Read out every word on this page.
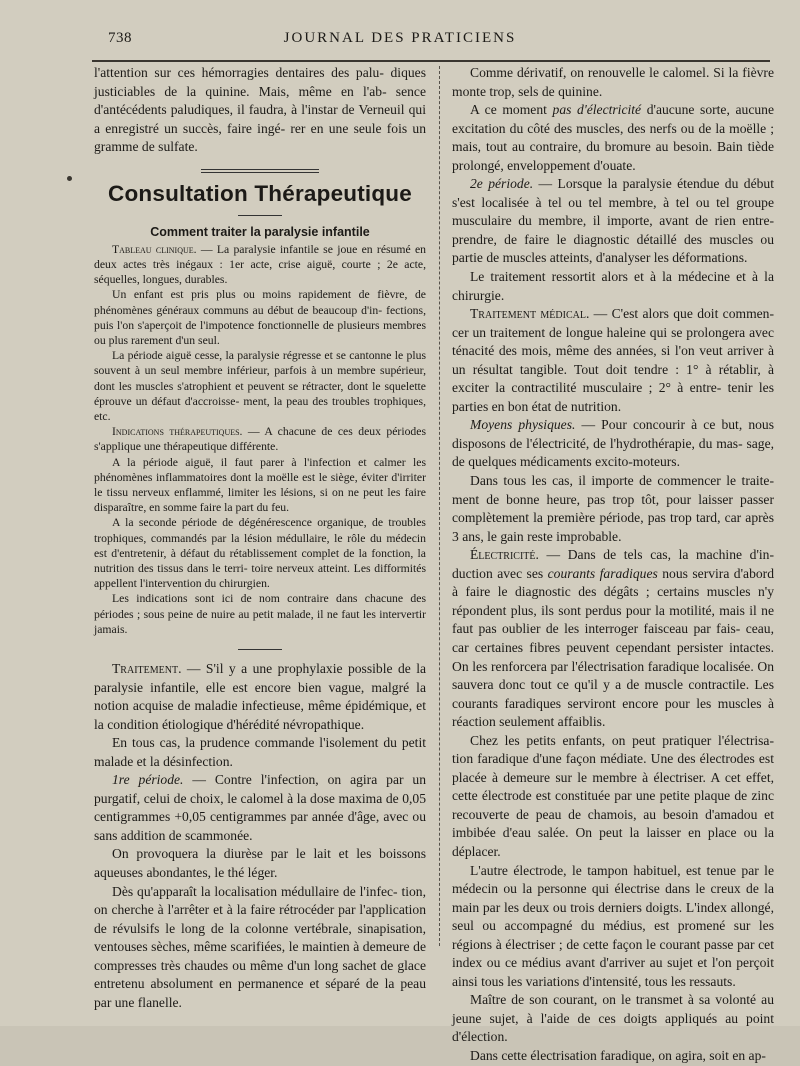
738	JOURNAL DES PRATICIENS

l'attention sur ces hémorragies dentaires des palu- diques justiciables de la quinine. Mais, même en l'ab- sence d'antécédents paludiques, il faudra, à l'instar de Verneuil qui a enregistré un succès, faire ingé- rer en une seule fois un gramme de sulfate.

Consultation Thérapeutique
Comment traiter la paralysie infantile

Tableau clinique. — La paralysie infantile se joue en résumé en deux actes très inégaux : 1er acte, crise aiguë, courte ; 2e acte, séquelles, longues, durables.

Un enfant est pris plus ou moins rapidement de fièvre, de phénomènes généraux communs au début de beaucoup d'in- fections, puis l'on s'aperçoit de l'impotence fonctionnelle de plusieurs membres ou plus rarement d'un seul.

La période aiguë cesse, la paralysie régresse et se cantonne le plus souvent à un seul membre inférieur, parfois à un membre supérieur, dont les muscles s'atrophient et peuvent se rétracter, dont le squelette éprouve un défaut d'accroisse- ment, la peau des troubles trophiques, etc.

Indications thérapeutiques. — A chacune de ces deux périodes s'applique une thérapeutique différente.

A la période aiguë, il faut parer à l'infection et calmer les phénomènes inflammatoires dont la moëlle est le siège, éviter d'irriter le tissu nerveux enflammé, limiter les lésions, si on ne peut les faire disparaître, en somme faire la part du feu.

A la seconde période de dégénérescence organique, de troubles trophiques, commandés par la lésion médullaire, le rôle du médecin est d'entretenir, à défaut du rétablissement complet de la fonction, la nutrition des tissus dans le terri- toire nerveux atteint. Les difformités appellent l'intervention du chirurgien.

Les indications sont ici de nom contraire dans chacune des périodes ; sous peine de nuire au petit malade, il ne faut les intervertir jamais.

Traitement. — S'il y a une prophylaxie possible de la paralysie infantile, elle est encore bien vague, malgré la notion acquise de maladie infectieuse, même épidémique, et la condition étiologique d'hérédité névropathique.

En tous cas, la prudence commande l'isolement du petit malade et la désinfection.

1re période. — Contre l'infection, on agira par un purgatif, celui de choix, le calomel à la dose maxima de 0,05 centigrammes +0,05 centigrammes par année d'âge, avec ou sans addition de scammonée.

On provoquera la diurèse par le lait et les boissons aqueuses abondantes, le thé léger.

Dès qu'apparaît la localisation médullaire de l'infec- tion, on cherche à l'arrêter et à la faire rétrocéder par l'application de révulsifs le long de la colonne vertébrale, sinapisation, ventouses sèches, même scarifiées, le maintien à demeure de compresses très chaudes ou même d'un long sachet de glace entretenu absolument en permanence et séparé de la peau par une flanelle.

Comme dérivatif, on renouvelle le calomel. Si la fièvre monte trop, sels de quinine.

A ce moment pas d'électricité d'aucune sorte, aucune excitation du côté des muscles, des nerfs ou de la moëlle ; mais, tout au contraire, du bromure au besoin. Bain tiède prolongé, enveloppement d'ouate.

2e période. — Lorsque la paralysie étendue du début s'est localisée à tel ou tel membre, à tel ou tel groupe musculaire du membre, il importe, avant de rien entre- prendre, de faire le diagnostic détaillé des muscles ou partie de muscles atteints, d'analyser les déformations.

Le traitement ressortit alors et à la médecine et à la chirurgie.

Traitement médical. — C'est alors que doit commen- cer un traitement de longue haleine qui se prolongera avec ténacité des mois, même des années, si l'on veut arriver à un résultat tangible. Tout doit tendre : 1° à rétablir, à exciter la contractilité musculaire ; 2° à entre- tenir les parties en bon état de nutrition.

Moyens physiques. — Pour concourir à ce but, nous disposons de l'électricité, de l'hydrothérapie, du mas- sage, de quelques médicaments excito-moteurs.

Dans tous les cas, il importe de commencer le traite- ment de bonne heure, pas trop tôt, pour laisser passer complètement la première période, pas trop tard, car après 3 ans, le gain reste improbable.

Électricité. — Dans de tels cas, la machine d'in- duction avec ses courants faradiques nous servira d'abord à faire le diagnostic des dégâts ; certains muscles n'y répondent plus, ils sont perdus pour la motilité, mais il ne faut pas oublier de les interroger faisceau par fais- ceau, car certaines fibres peuvent cependant persister intactes. On les renforcera par l'électrisation faradique localisée. On sauvera donc tout ce qu'il y a de muscle contractile. Les courants faradiques serviront encore pour les muscles à réaction seulement affaiblis.

Chez les petits enfants, on peut pratiquer l'électrisa- tion faradique d'une façon médiate. Une des électrodes est placée à demeure sur le membre à électriser. A cet effet, cette électrode est constituée par une petite plaque de zinc recouverte de peau de chamois, au besoin d'amadou et imbibée d'eau salée. On peut la laisser en place ou la déplacer.

L'autre électrode, le tampon habituel, est tenue par le médecin ou la personne qui électrise dans le creux de la main par les deux ou trois derniers doigts. L'index allongé, seul ou accompagné du médius, est promené sur les régions à électriser ; de cette façon le courant passe par cet index ou ce médius avant d'arriver au sujet et l'on perçoit ainsi tous les variations d'intensité, tous les ressauts.

Maître de son courant, on le transmet à sa volonté au jeune sujet, à l'aide de ces doigts appliqués au point d'élection.

Dans cette électrisation faradique, on agira, soit en ap-
